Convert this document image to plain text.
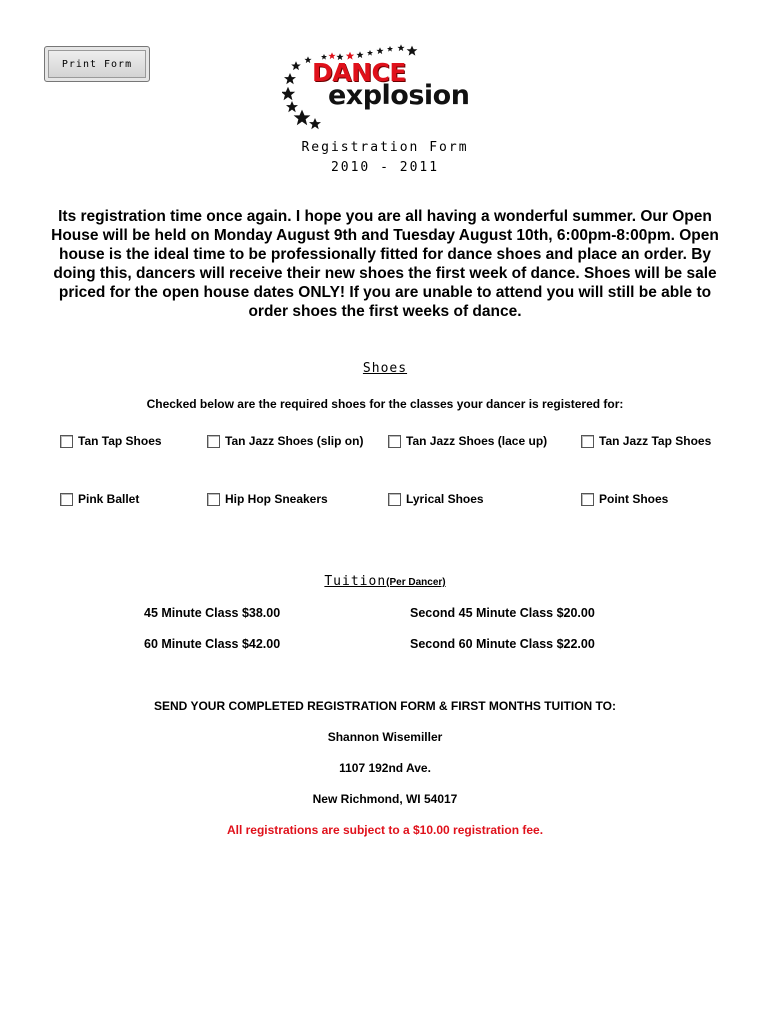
Print Form	DANCE
explosion
Registration Form
2010 - 2011

Its registration time once again. I hope you are all having a wonderful summer. Our Open House will be held on Monday August 9th and Tuesday August 10th, 6:00pm-8:00pm. Open house is the ideal time to be professionally fitted for dance shoes and place an order. By doing this, dancers will receive their new shoes the first week of dance. Shoes will be sale priced for the open house dates ONLY! If you are unable to attend you will still be able to order shoes the first weeks of dance.

Shoes
Checked below are the required shoes for the classes your dancer is registered for:
Tan Tap Shoes	Tan Jazz Shoes (slip on)	Tan Jazz Shoes (lace up)	Tan Jazz Tap Shoes
Pink Ballet	Hip Hop Sneakers	Lyrical Shoes	Point Shoes
Tuition(Per Dancer)
45 Minute Class $38.00	Second 45 Minute Class $20.00
60 Minute Class $42.00	Second 60 Minute Class $22.00
SEND YOUR COMPLETED REGISTRATION FORM & FIRST MONTHS TUITION TO:
Shannon Wisemiller
1107 192nd Ave.
New Richmond, WI 54017
All registrations are subject to a $10.00 registration fee.
